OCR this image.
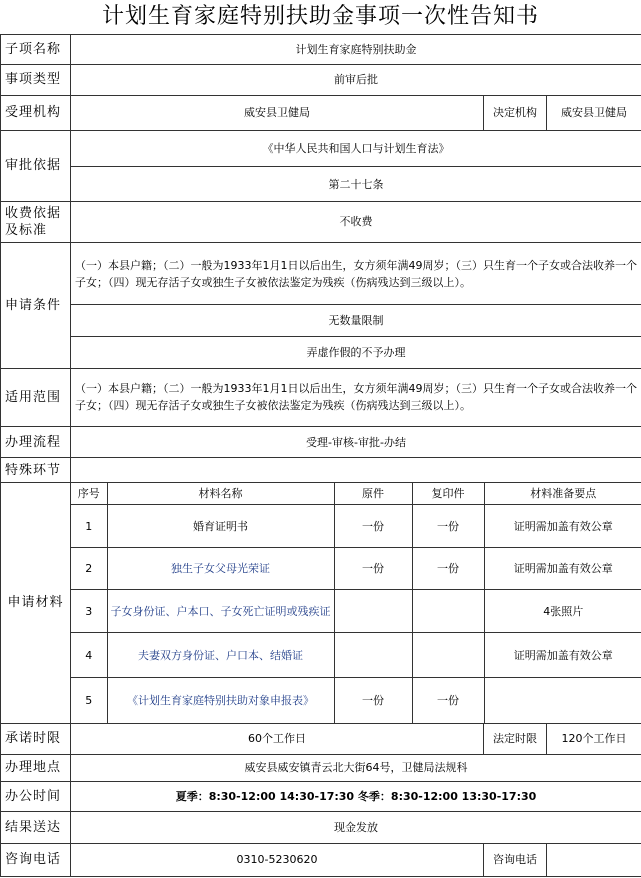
计划生育家庭特别扶助金事项一次性告知书
子项名称	计划生育家庭特别扶助金
事项类型	前审后批
受理机构	威安县卫健局	决定机构	威安县卫健局
审批依据	《中华人民共和国人口与计划生育法》
第二十七条
收费依据及标准	不收费
申请条件	（一）本县户籍；（二）一般为1933年1月1日以后出生，女方须年满49周岁；（三）只生育一个子女或合法收养一个子女；（四）现无存活子女或独生子女被依法鉴定为残疾（伤病残达到三级以上）。
无数量限制
弄虚作假的不予办理
适用范围	（一）本县户籍；（二）一般为1933年1月1日以后出生，女方须年满49周岁；（三）只生育一个子女或合法收养一个子女；（四）现无存活子女或独生子女被依法鉴定为残疾（伤病残达到三级以上）。
办理流程	受理-审核-审批-办结
特殊环节	
申请材料	
序号	材料名称	原件	复印件	材料准备要点
1	婚育证明书	一份	一份	证明需加盖有效公章
2	独生子女父母光荣证	一份	一份	证明需加盖有效公章
3	子女身份证、户本口、子女死亡证明或残疾证			4张照片
4	夫妻双方身份证、户口本、结婚证			证明需加盖有效公章
5	《计划生育家庭特别扶助对象申报表》	一份	一份	

承诺时限	60个工作日	法定时限	120个工作日
办理地点	威安县威安镇青云北大街64号，卫健局法规科
办公时间	夏季：8:30-12:00 14:30-17:30 冬季：8:30-12:00 13:30-17:30
结果送达	现金发放
咨询电话	0310-5230620	咨询电话	
